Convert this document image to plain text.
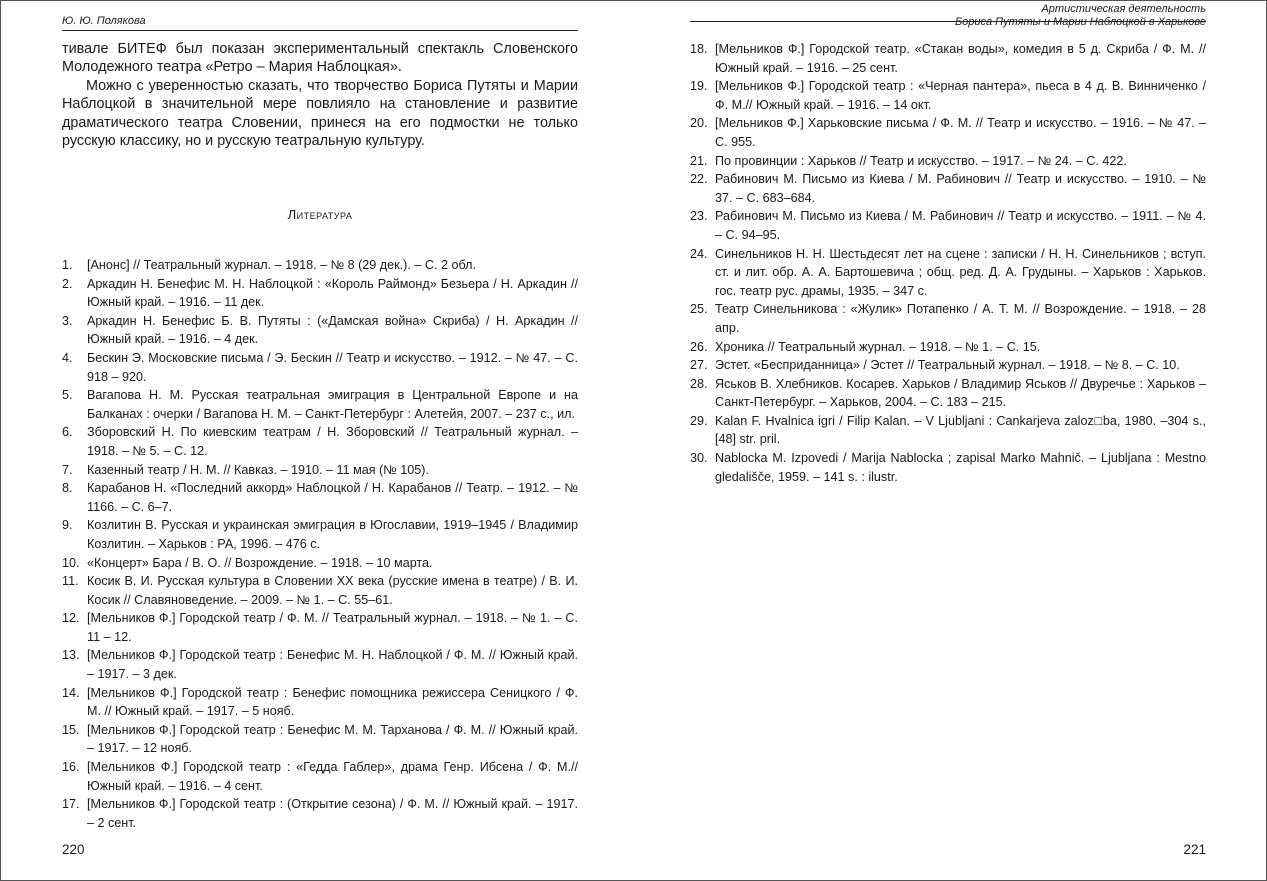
Ю. Ю. Полякова

тивале БИТЕФ был показан экспериментальный спектакль Словенского Молодежного театра «Ретро – Мария Наблоцкая».

Можно с уверенностью сказать, что творчество Бориса Путяты и Марии Наблоцкой в значительной мере повлияло на становление и развитие драматического театра Словении, принеся на его подмостки не только русскую классику, но и русскую театральную культуру.

Литература
1. [Анонс] // Театральный журнал. – 1918. – № 8 (29 дек.). – С. 2 обл.
2. Аркадин Н. Бенефис М. Н. Наблоцкой : «Король Раймонд» Безьера / Н. Аркадин // Южный край. – 1916. – 11 дек.
3. Аркадин Н. Бенефис Б. В. Путяты : («Дамская война» Скриба) / Н. Аркадин // Южный край. – 1916. – 4 дек.
4. Бескин Э. Московские письма / Э. Бескин // Театр и искусство. – 1912. – № 47. – С. 918 – 920.
5. Вагапова Н. М. Русская театральная эмиграция в Центральной Европе и на Балканах : очерки / Вагапова Н. М. – Санкт-Петербург : Алетейя, 2007. – 237 с., ил.
6. Зборовский Н. По киевским театрам / Н. Зборовский // Театральный журнал. – 1918. – № 5. – С. 12.
7. Казенный театр / Н. М. // Кавказ. – 1910. – 11 мая (№ 105).
8. Карабанов Н. «Последний аккорд» Наблоцкой / Н. Карабанов // Театр. – 1912. – № 1166. – С. 6–7.
9. Козлитин В. Русская и украинская эмиграция в Югославии, 1919–1945 / Владимир Козлитин. – Харьков : РА, 1996. – 476 с.
10. «Концерт» Бара / В. О. // Возрождение. – 1918. – 10 марта.
11. Косик В. И. Русская культура в Словении XX века (русские имена в театре) / В. И. Косик // Славяноведение. – 2009. – № 1. – С. 55–61.
12. [Мельников Ф.] Городской театр / Ф. М. // Театральный журнал. – 1918. – № 1. – С. 11 – 12.
13. [Мельников Ф.] Городской театр : Бенефис М. Н. Наблоцкой / Ф. М. // Южный край. – 1917. – 3 дек.
14. [Мельников Ф.] Городской театр : Бенефис помощника режиссера Сеницкого / Ф. М. // Южный край. – 1917. – 5 нояб.
15. [Мельников Ф.] Городской театр : Бенефис М. М. Тарханова / Ф. М. // Южный край. – 1917. – 12 нояб.
16. [Мельников Ф.] Городской театр : «Гедда Габлер», драма Генр. Ибсена / Ф. М.// Южный край. – 1916. – 4 сент.
17. [Мельников Ф.] Городской театр : (Открытие сезона) / Ф. М. // Южный край. – 1917. – 2 сент.
220
Артистическая деятельность
Бориса Путяты и Марии Наблоцкой в Харькове
18. [Мельников Ф.] Городской театр. «Стакан воды», комедия в 5 д. Скриба / Ф. М. // Южный край. – 1916. – 25 сент.
19. [Мельников Ф.] Городской театр : «Черная пантера», пьеса в 4 д. В. Винниченко / Ф. М.// Южный край. – 1916. – 14 окт.
20. [Мельников Ф.] Харьковские письма / Ф. М. // Театр и искусство. – 1916. – № 47. – С. 955.
21. По провинции : Харьков // Театр и искусство. – 1917. – № 24. – С. 422.
22. Рабинович М. Письмо из Киева / М. Рабинович // Театр и искусство. – 1910. – № 37. – С. 683–684.
23. Рабинович М. Письмо из Киева / М. Рабинович // Театр и искусство. – 1911. – № 4. – С. 94–95.
24. Синельников Н. Н. Шестьдесят лет на сцене : записки / Н. Н. Синельников ; вступ. ст. и лит. обр. А. А. Бартошевича ; общ. ред. Д. А. Грудыны. – Харьков : Харьков. гос. театр рус. драмы, 1935. – 347 с.
25. Театр Синельникова : «Жулик» Потапенко / А. Т. М. // Возрождение. – 1918. – 28 апр.
26. Хроника // Театральный журнал. – 1918. – № 1. – С. 15.
27. Эстет. «Бесприданница» / Эстет // Театральный журнал. – 1918. – № 8. – С. 10.
28. Яськов В. Хлебников. Косарев. Харьков / Владимир Яськов // Двуречье : Харьков – Санкт-Петербург. – Харьков, 2004. – С. 183 – 215.
29. Kalan F. Hvalnica igri / Filip Kalan. – V Ljubljani : Cankarjeva zaloz□ba, 1980. –304 s., [48] str. pril.
30. Nablocka M. Izpovedi / Marija Nablocka ; zapisal Marko Mahnič. – Ljubljana : Mestno gledališče, 1959. – 141 s. : ilustr.
221
